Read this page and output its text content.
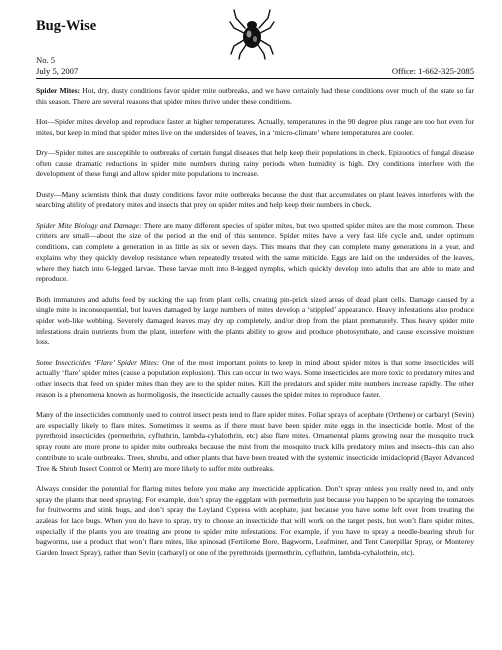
Bug-Wise
No. 5
July 5, 2007	Office: 1-662-325-2085

Spider Mites: Hot, dry, dusty conditions favor spider mite outbreaks, and we have certainly had these conditions over much of the state so far this season. There are several reasons that spider mites thrive under these conditions.

Hot—Spider mites develop and reproduce faster at higher temperatures. Actually, temperatures in the 90 degree plus range are too hot even for mites, but keep in mind that spider mites live on the undersides of leaves, in a ‘micro-climate’ where temperatures are cooler.

Dry—Spider mites are susceptible to outbreaks of certain fungal diseases that help keep their populations in check. Epizootics of fungal disease often cause dramatic reductions in spider mite numbers during rainy periods when humidity is high. Dry conditions interfere with the development of these fungi and allow spider mite populations to increase.

Dusty—Many scientists think that dusty conditions favor mite outbreaks because the dust that accumulates on plant leaves interferes with the searching ability of predatory mites and insects that prey on spider mites and help keep their numbers in check.

Spider Mite Biology and Damage: There are many different species of spider mites, but two spotted spider mites are the most common. These critters are small—about the size of the period at the end of this sentence. Spider mites have a very fast life cycle and, under optimum conditions, can complete a generation in as little as six or seven days. This means that they can complete many generations in a year, and explains why they quickly develop resistance when repeatedly treated with the same miticide. Eggs are laid on the undersides of the leaves, where they hatch into 6-legged larvae. These larvae molt into 8-legged nymphs, which quickly develop into adults that are able to mate and reproduce.

Both immatures and adults feed by sucking the sap from plant cells, creating pin-prick sized areas of dead plant cells. Damage caused by a single mite is inconsequential, but leaves damaged by large numbers of mites develop a ‘stippled’ appearance. Heavy infestations also produce spider web-like webbing. Severely damaged leaves may dry up completely, and/or drop from the plant prematurely. Thus heavy spider mite infestations drain nutrients from the plant, interfere with the plants ability to grow and produce photosynthate, and cause excessive moisture loss.

Some Insecticides ‘Flare’ Spider Mites: One of the most important points to keep in mind about spider mites is that some insecticides will actually ‘flare’ spider mites (cause a population explosion). This can occur in two ways. Some insecticides are more toxic to predatory mites and other insects that feed on spider mites than they are to the spider mites. Kill the predators and spider mite numbers increase rapidly. The other reason is a phenomena known as hormoligosis, the insecticide actually causes the spider mites to reproduce faster.

Many of the insecticides commonly used to control insect pests tend to flare spider mites. Foliar sprays of acephate (Orthene) or carbaryl (Sevin) are especially likely to flare mites. Sometimes it seems as if there must have been spider mite eggs in the insecticide bottle. Most of the pyrethroid insecticides (permethrin, cyfluthrin, lambda-cyhalothrin, etc) also flare mites. Ornamental plants growing near the mosquito truck spray route are more prone to spider mite outbreaks because the mist from the mosquito truck kills predatory mites and insects–this can also contribute to scale outbreaks. Trees, shrubs, and other plants that have been treated with the systemic insecticide imidacloprid (Bayer Advanced Tree & Shrub Insect Control or Merit) are more likely to suffer mite outbreaks.

Always consider the potential for flaring mites before you make any insecticide application. Don’t spray unless you really need to, and only spray the plants that need spraying. For example, don’t spray the eggplant with permethrin just because you happen to be spraying the tomatoes for fruitworms and stink bugs, and don’t spray the Leyland Cypress with acephate, just because you have some left over from treating the azaleas for lace bugs. When you do have to spray, try to choose an insecticide that will work on the target pests, but won’t flare spider mites, especially if the plants you are treating are prone to spider mite infestations. For example, if you have to spray a needle-bearing shrub for bagworms, use a product that won’t flare mites, like spinosad (Fertilome Bore, Bagworm, Leafminer, and Tent Caterpillar Spray, or Monterey Garden Insect Spray), rather than Sevin (carbaryl) or one of the pyrethroids (permethrin, cyfluthrin, lambda-cyhalothrin, etc).
